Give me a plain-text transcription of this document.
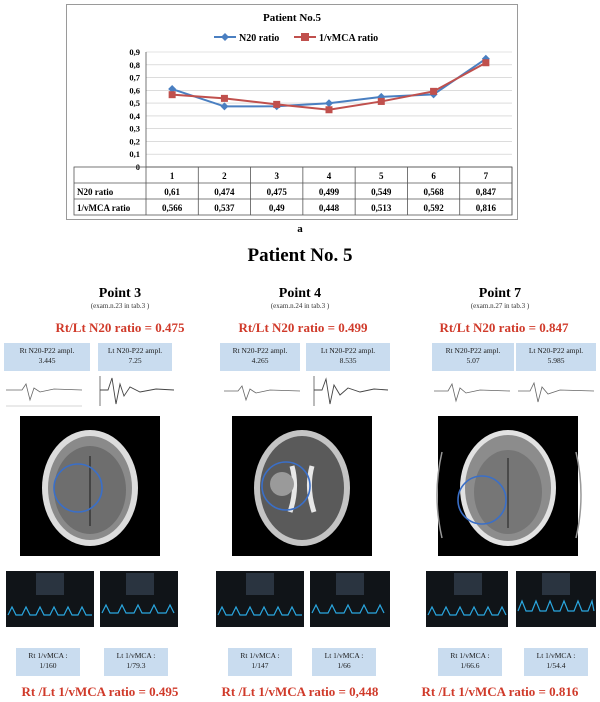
Patient No.5
N20 ratio	1/vMCA ratio
0
0,1
0,2
0,3
0,4
0,5
0,6
0,7
0,8
0,9
1	2	3	4	5	6	7
N20 ratio	0,61	0,474	0,475	0,499	0,549	0,568	0,847
1/vMCA ratio	0,566	0,537	0,49	0,448	0,513	0,592	0,816
a
Patient No. 5
Point 3
(exam.n.23 in tab.3 )
Rt/Lt N20 ratio = 0.475
Rt N20-P22 ampl.
3.445
Lt N20-P22 ampl.
7.25
Rt 1/vMCA :
1/160
Lt 1/vMCA :
1/79.3
Rt /Lt 1/vMCA ratio = 0.495
Point 4
(exam.n.24 in tab.3 )
Rt/Lt N20 ratio = 0.499
Rt N20-P22 ampl.
4.265
Lt N20-P22 ampl.
8.535
Rt 1/vMCA :
1/147
Lt 1/vMCA :
1/66
Rt /Lt 1/vMCA ratio = 0,448
Point 7
(exam.n.27 in tab.3 )
Rt/Lt N20 ratio = 0.847
Rt N20-P22 ampl.
5.07
Lt N20-P22 ampl.
5.985
Rt 1/vMCA :
1/66.6
Lt 1/vMCA :
1/54.4
Rt /Lt 1/vMCA ratio = 0.816
